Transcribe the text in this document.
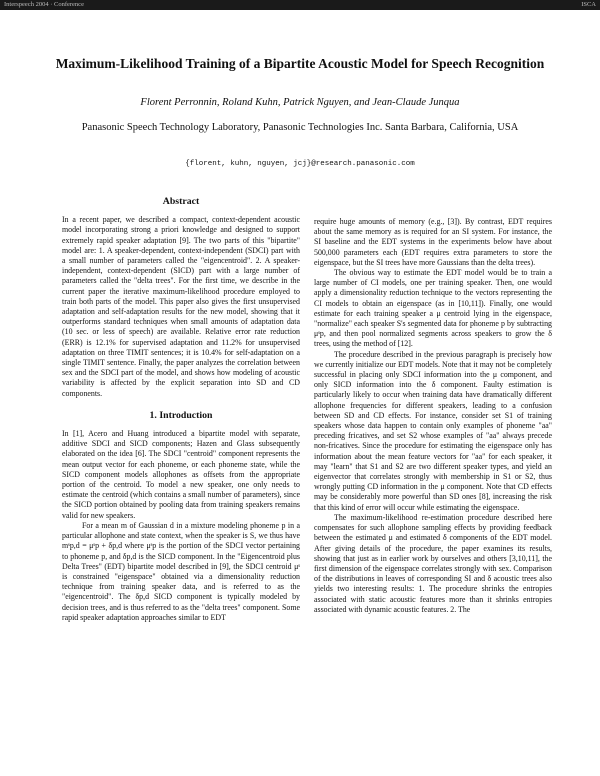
Interspeech 2004 · Conference	ISCA
Maximum-Likelihood Training of a Bipartite Acoustic Model for Speech Recognition
Florent Perronnin, Roland Kuhn, Patrick Nguyen, and Jean-Claude Junqua
Panasonic Speech Technology Laboratory, Panasonic Technologies Inc. Santa Barbara, California, USA
{florent, kuhn, nguyen, jcj}@research.panasonic.com
Abstract

In a recent paper, we described a compact, context-dependent acoustic model incorporating strong a priori knowledge and designed to support extremely rapid speaker adaptation [9]. The two parts of this "bipartite" model are: 1. A speaker-dependent, context-independent (SDCI) part with a small number of parameters called the "eigencentroid". 2. A speaker-independent, context-dependent (SICD) part with a large number of parameters called the "delta trees". For the first time, we describe in the current paper the iterative maximum-likelihood procedure employed to train both parts of the model. This paper also gives the first unsupervised adaptation and self-adaptation results for the new model, showing that it outperforms standard techniques when small amounts of adaptation data (10 sec. or less of speech) are available. Relative error rate reduction (ERR) is 12.1% for supervised adaptation and 11.2% for unsupervised adaptation on three TIMIT sentences; it is 10.4% for self-adaptation on a single TIMIT sentence. Finally, the paper analyzes the correlation between sex and the SDCI part of the model, and shows how modeling of acoustic variability is affected by the explicit separation into SD and CD components.

1. Introduction

In [1], Acero and Huang introduced a bipartite model with separate, additive SDCI and SICD components; Hazen and Glass subsequently elaborated on the idea [6]. The SDCI "centroid" component represents the mean output vector for each phoneme, or each phoneme state, while the SICD component models allophones as offsets from the appropriate portion of the centroid. To model a new speaker, one only needs to estimate the centroid (which contains a small number of parameters), since the SICD portion obtained by pooling data from training speakers remains valid for new speakers.

For a mean m of Gaussian d in a mixture modeling phoneme p in a particular allophone and state context, when the speaker is S, we thus have mˢp,d = μˢp + δp,d where μˢp is the portion of the SDCI vector pertaining to phoneme p, and δp,d is the SICD component. In the "Eigencentroid plus Delta Trees" (EDT) bipartite model described in [9], the SDCI centroid μˢ is constrained "eigenspace" obtained via a dimensionality reduction technique from training speaker data, and is referred to as the "eigencentroid". The δp,d SICD component is typically modeled by decision trees, and is thus referred to as the "delta trees" component. Some rapid speaker adaptation approaches similar to EDT

require huge amounts of memory (e.g., [3]). By contrast, EDT requires about the same memory as is required for an SI system. For instance, the SI baseline and the EDT systems in the experiments below have about 500,000 parameters each (EDT requires extra parameters to store the eigenspace, but the SI trees have more Gaussians than the delta trees).

The obvious way to estimate the EDT model would be to train a large number of CI models, one per training speaker. Then, one would apply a dimensionality reduction technique to the vectors representing the CI models to obtain an eigenspace (as in [10,11]). Finally, one would estimate for each training speaker a μ centroid lying in the eigenspace, "normalize" each speaker S's segmented data for phoneme p by subtracting μˢp, and then pool normalized segments across speakers to grow the δ trees, using the method of [12].

The procedure described in the previous paragraph is precisely how we currently initialize our EDT models. Note that it may not be completely successful in placing only SDCI information into the μ component, and only SICD information into the δ component. Faulty estimation is particularly likely to occur when training data have dramatically different allophone frequencies for different speakers, leading to a confusion between SD and CD effects. For instance, consider set S1 of training speakers whose data happen to contain only examples of phoneme "aa" preceding fricatives, and set S2 whose examples of "aa" always precede non-fricatives. Since the procedure for estimating the eigenspace only has information about the mean feature vectors for "aa" for each speaker, it may "learn" that S1 and S2 are two different speaker types, and yield an eigenvector that correlates strongly with membership in S1 or S2, thus wrongly putting CD information in the μ component. Note that CD effects may be considerably more powerful than SD ones [8], increasing the risk that this kind of error will occur while estimating the eigenspace.

The maximum-likelihood re-estimation procedure described here compensates for such allophone sampling effects by providing feedback between the estimated μ and estimated δ components of the EDT model. After giving details of the procedure, the paper examines its results, showing that just as in earlier work by ourselves and others [3,10,11], the first dimension of the eigenspace correlates strongly with sex. Comparison of the distributions in leaves of corresponding SI and δ acoustic trees also yields two interesting results: 1. The procedure shrinks the entropies associated with static acoustic features more than it shrinks entropies associated with dynamic acoustic features. 2. The
